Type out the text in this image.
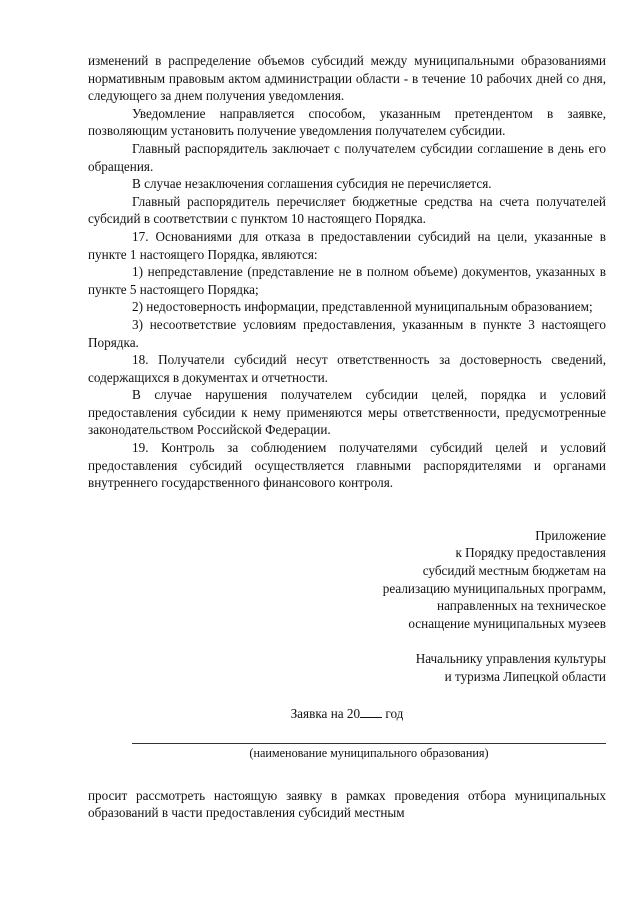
изменений в распределение объемов субсидий между муниципальными образованиями нормативным правовым актом администрации области - в течение 10 рабочих дней со дня, следующего за днем получения уведомления.

Уведомление направляется способом, указанным претендентом в заявке, позволяющим установить получение уведомления получателем субсидии.

Главный распорядитель заключает с получателем субсидии соглашение в день его обращения.

В случае незаключения соглашения субсидия не перечисляется.

Главный распорядитель перечисляет бюджетные средства на счета получателей субсидий в соответствии с пунктом 10 настоящего Порядка.

17. Основаниями для отказа в предоставлении субсидий на цели, указанные в пункте 1 настоящего Порядка, являются:

1) непредставление (представление не в полном объеме) документов, указанных в пункте 5 настоящего Порядка;

2) недостоверность информации, представленной муниципальным образованием;

3) несоответствие условиям предоставления, указанным в пункте 3 настоящего Порядка.

18. Получатели субсидий несут ответственность за достоверность сведений, содержащихся в документах и отчетности.

В случае нарушения получателем субсидии целей, порядка и условий предоставления субсидии к нему применяются меры ответственности, предусмотренные законодательством Российской Федерации.

19. Контроль за соблюдением получателями субсидий целей и условий предоставления субсидий осуществляется главными распорядителями и органами внутреннего государственного финансового контроля.

Приложение
к Порядку предоставления
субсидий местным бюджетам на
реализацию муниципальных программ,
направленных на техническое
оснащение муниципальных музеев
Начальнику управления культуры
и туризма Липецкой области
Заявка на 20 год
(наименование муниципального образования)

просит рассмотреть настоящую заявку в рамках проведения отбора муниципальных образований в части предоставления субсидий местным
